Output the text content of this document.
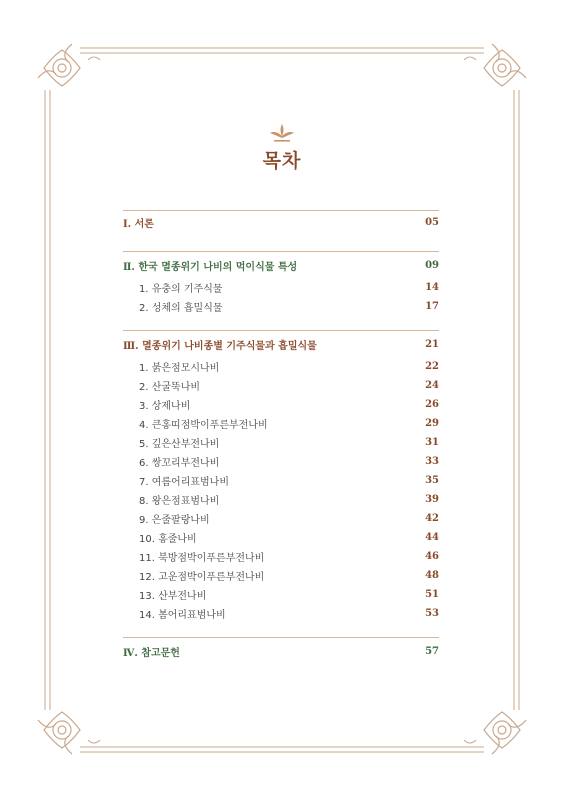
목차
Ⅰ. 서론	05
Ⅱ. 한국 멸종위기 나비의 먹이식물 특성	09
1. 유충의 기주식물	14
2. 성체의 흡밀식물	17
Ⅲ. 멸종위기 나비종별 기주식물과 흡밀식물	21
1. 붉은점모시나비	22
2. 산굴뚝나비	24
3. 상제나비	26
4. 큰홍띠점박이푸른부전나비	29
5. 깊은산부전나비	31
6. 쌍꼬리부전나비	33
7. 여름어리표범나비	35
8. 왕은점표범나비	39
9. 은줄팔랑나비	42
10. 홍줄나비	44
11. 북방점박이푸른부전나비	46
12. 고운점박이푸른부전나비	48
13. 산부전나비	51
14. 봄어리표범나비	53
Ⅳ. 참고문헌	57
